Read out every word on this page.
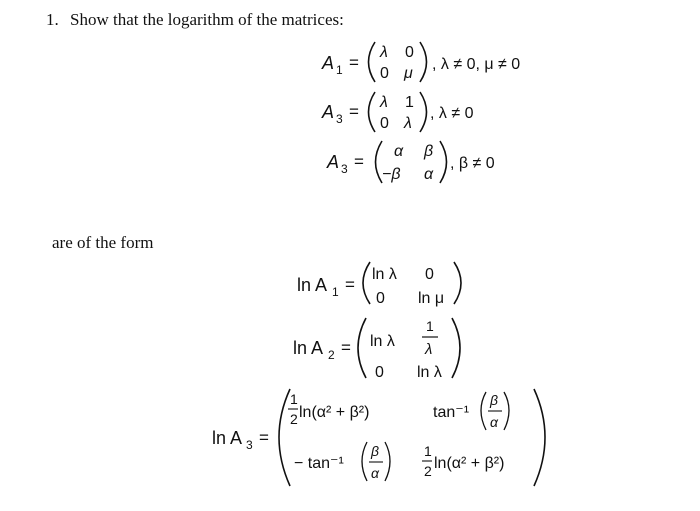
1. Show that the logarithm of the matrices:
are of the form
A 1 =
λ 0
0 μ
, λ ≠ 0, μ ≠ 0
A 3 = λ 1
0 λ
, λ ≠ 0
A 3 =
α β
−β α
, β ≠ 0
ln A 1 =
ln λ 0
0 ln μ
ln A 2 = ln λ
1
λ
0 ln λ
ln A 3 =
1
2 ln(α² + β²)	tan⁻¹
β
α
− tan⁻¹
β
α
1
2 ln(α² + β²)
